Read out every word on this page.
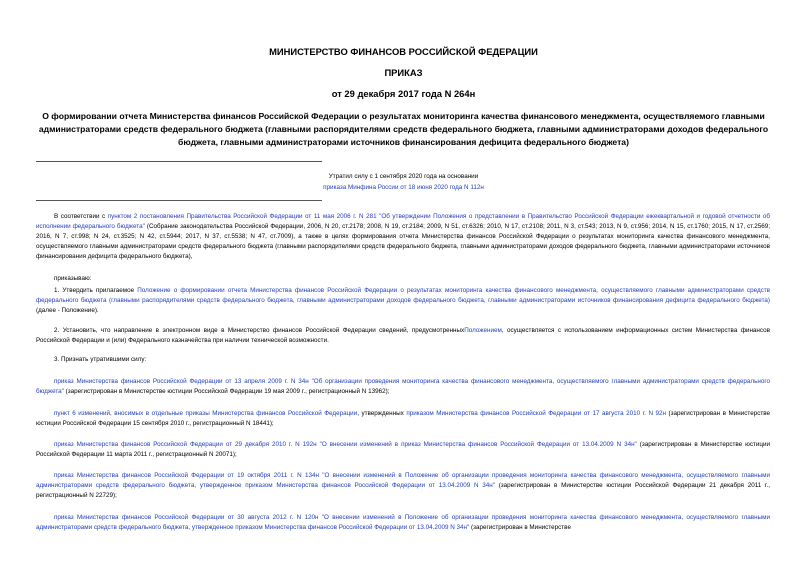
МИНИСТЕРСТВО ФИНАНСОВ РОССИЙСКОЙ ФЕДЕРАЦИИ
ПРИКАЗ
от 29 декабря 2017 года N 264н
О формировании отчета Министерства финансов Российской Федерации о результатах мониторинга качества финансового менеджмента, осуществляемого главными администраторами средств федерального бюджета (главными распорядителями средств федерального бюджета, главными администраторами доходов федерального бюджета, главными администраторами источников финансирования дефицита федерального бюджета)
Утратил силу с 1 сентября 2020 года на основании
приказа Минфина России от 18 июня 2020 года N 112н
В соответствии с пунктом 2 постановления Правительства Российской Федерации от 11 мая 2006 г. N 281 "Об утверждении Положения о представлении в Правительство Российской Федерации ежеквартальной и годовой отчетности об исполнении федерального бюджета" (Собрание законодательства Российской Федерации, 2006, N 20, ст.2178; 2008, N 19, ст.2184; 2009, N 51, ст.6326; 2010, N 17, ст.2108; 2011, N 3, ст.543; 2013, N 9, ст.956; 2014, N 15, ст.1760; 2015, N 17, ст.2569; 2016, N 7, ст.998; N 24, ст.3525; N 42, ст.5944; 2017, N 37, ст.5538; N 47, ст.7009), а также в целях формирования отчета Министерства финансов Российской Федерации о результатах мониторинга качества финансового менеджмента, осуществляемого главными администраторами средств федерального бюджета (главными распорядителями средств федерального бюджета, главными администраторами доходов федерального бюджета, главными администраторами источников финансирования дефицита федерального бюджета),
приказываю:
1. Утвердить прилагаемое Положение о формировании отчета Министерства финансов Российской Федерации о результатах мониторинга качества финансового менеджмента, осуществляемого главными администраторами средств федерального бюджета (главными распорядителями средств федерального бюджета, главными администраторами доходов федерального бюджета, главными администраторами источников финансирования дефицита федерального бюджета) (далее - Положение).
2. Установить, что направление в электронном виде в Министерство финансов Российской Федерации сведений, предусмотренныхПоложением, осуществляется с использованием информационных систем Министерства финансов Российской Федерации и (или) Федерального казначейства при наличии технической возможности.
3. Признать утратившими силу:
приказ Министерства финансов Российской Федерации от 13 апреля 2009 г. N 34н "Об организации проведения мониторинга качества финансового менеджмента, осуществляемого главными администраторами средств федерального бюджета" (зарегистрирован в Министерстве юстиции Российской Федерации 19 мая 2009 г., регистрационный N 13962);
пункт 6 изменений, вносимых в отдельные приказы Министерства финансов Российской Федерации, утвержденных приказом Министерства финансов Российской Федерации от 17 августа 2010 г. N 92н (зарегистрирован в Министерстве юстиции Российской Федерации 15 сентября 2010 г., регистрационный N 18441);
приказ Министерства финансов Российской Федерации от 29 декабря 2010 г. N 192н "О внесении изменений в приказ Министерства финансов Российской Федерации от 13.04.2009 N 34н" (зарегистрирован в Министерстве юстиции Российской Федерации 11 марта 2011 г., регистрационный N 20071);
приказ Министерства финансов Российской Федерации от 19 октября 2011 г. N 134н "О внесении изменений в Положение об организации проведения мониторинга качества финансового менеджмента, осуществляемого главными администраторами средств федерального бюджета, утвержденное приказом Министерства финансов Российской Федерации от 13.04.2009 N 34н" (зарегистрирован в Министерстве юстиции Российской Федерации 21 декабря 2011 г., регистрационный N 22729);
приказ Министерства финансов Российской Федерации от 30 августа 2012 г. N 120н "О внесении изменений в Положение об организации проведения мониторинга качества финансового менеджмента, осуществляемого главными администраторами средств федерального бюджета, утвержденное приказом Министерства финансов Российской Федерации от 13.04.2009 N 34н" (зарегистрирован в Министерстве
